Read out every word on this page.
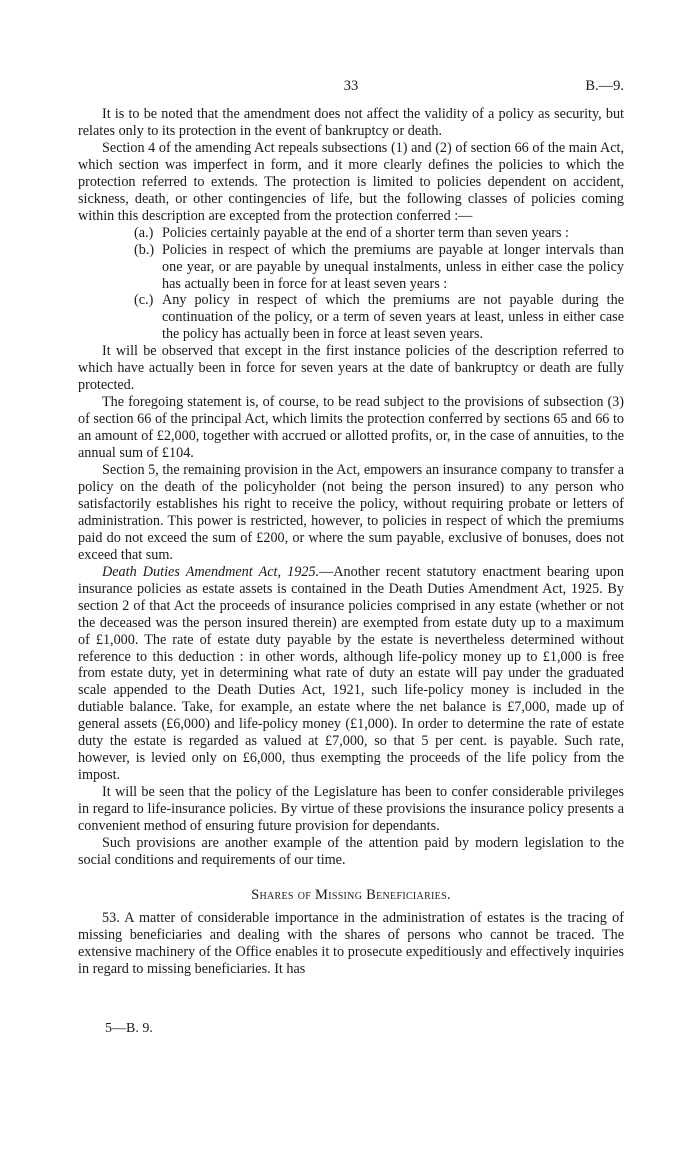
33	B.—9.

It is to be noted that the amendment does not affect the validity of a policy as security, but relates only to its protection in the event of bankruptcy or death.

Section 4 of the amending Act repeals subsections (1) and (2) of section 66 of the main Act, which section was imperfect in form, and it more clearly defines the policies to which the protection referred to extends. The protection is limited to policies dependent on accident, sickness, death, or other contingencies of life, but the following classes of policies coming within this description are excepted from the protection conferred :—

(a.) Policies certainly payable at the end of a shorter term than seven years :
(b.) Policies in respect of which the premiums are payable at longer intervals than one year, or are payable by unequal instalments, unless in either case the policy has actually been in force for at least seven years :
(c.) Any policy in respect of which the premiums are not payable during the continuation of the policy, or a term of seven years at least, unless in either case the policy has actually been in force at least seven years.

It will be observed that except in the first instance policies of the description referred to which have actually been in force for seven years at the date of bankruptcy or death are fully protected.

The foregoing statement is, of course, to be read subject to the provisions of subsection (3) of section 66 of the principal Act, which limits the protection conferred by sections 65 and 66 to an amount of £2,000, together with accrued or allotted profits, or, in the case of annuities, to the annual sum of £104.

Section 5, the remaining provision in the Act, empowers an insurance company to transfer a policy on the death of the policyholder (not being the person insured) to any person who satisfactorily establishes his right to receive the policy, without requiring probate or letters of administration. This power is restricted, however, to policies in respect of which the premiums paid do not exceed the sum of £200, or where the sum payable, exclusive of bonuses, does not exceed that sum.

Death Duties Amendment Act, 1925.—Another recent statutory enactment bearing upon insurance policies as estate assets is contained in the Death Duties Amendment Act, 1925. By section 2 of that Act the proceeds of insurance policies comprised in any estate (whether or not the deceased was the person insured therein) are exempted from estate duty up to a maximum of £1,000. The rate of estate duty payable by the estate is nevertheless determined without reference to this deduction : in other words, although life-policy money up to £1,000 is free from estate duty, yet in determining what rate of duty an estate will pay under the graduated scale appended to the Death Duties Act, 1921, such life-policy money is included in the dutiable balance. Take, for example, an estate where the net balance is £7,000, made up of general assets (£6,000) and life-policy money (£1,000). In order to determine the rate of estate duty the estate is regarded as valued at £7,000, so that 5 per cent. is payable. Such rate, however, is levied only on £6,000, thus exempting the proceeds of the life policy from the impost.

It will be seen that the policy of the Legislature has been to confer considerable privileges in regard to life-insurance policies. By virtue of these provisions the insurance policy presents a convenient method of ensuring future provision for dependants.

Such provisions are another example of the attention paid by modern legislation to the social conditions and requirements of our time.

Shares of Missing Beneficiaries.

53. A matter of considerable importance in the administration of estates is the tracing of missing beneficiaries and dealing with the shares of persons who cannot be traced. The extensive machinery of the Office enables it to prosecute expeditiously and effectively inquiries in regard to missing beneficiaries. It has

5—B. 9.
